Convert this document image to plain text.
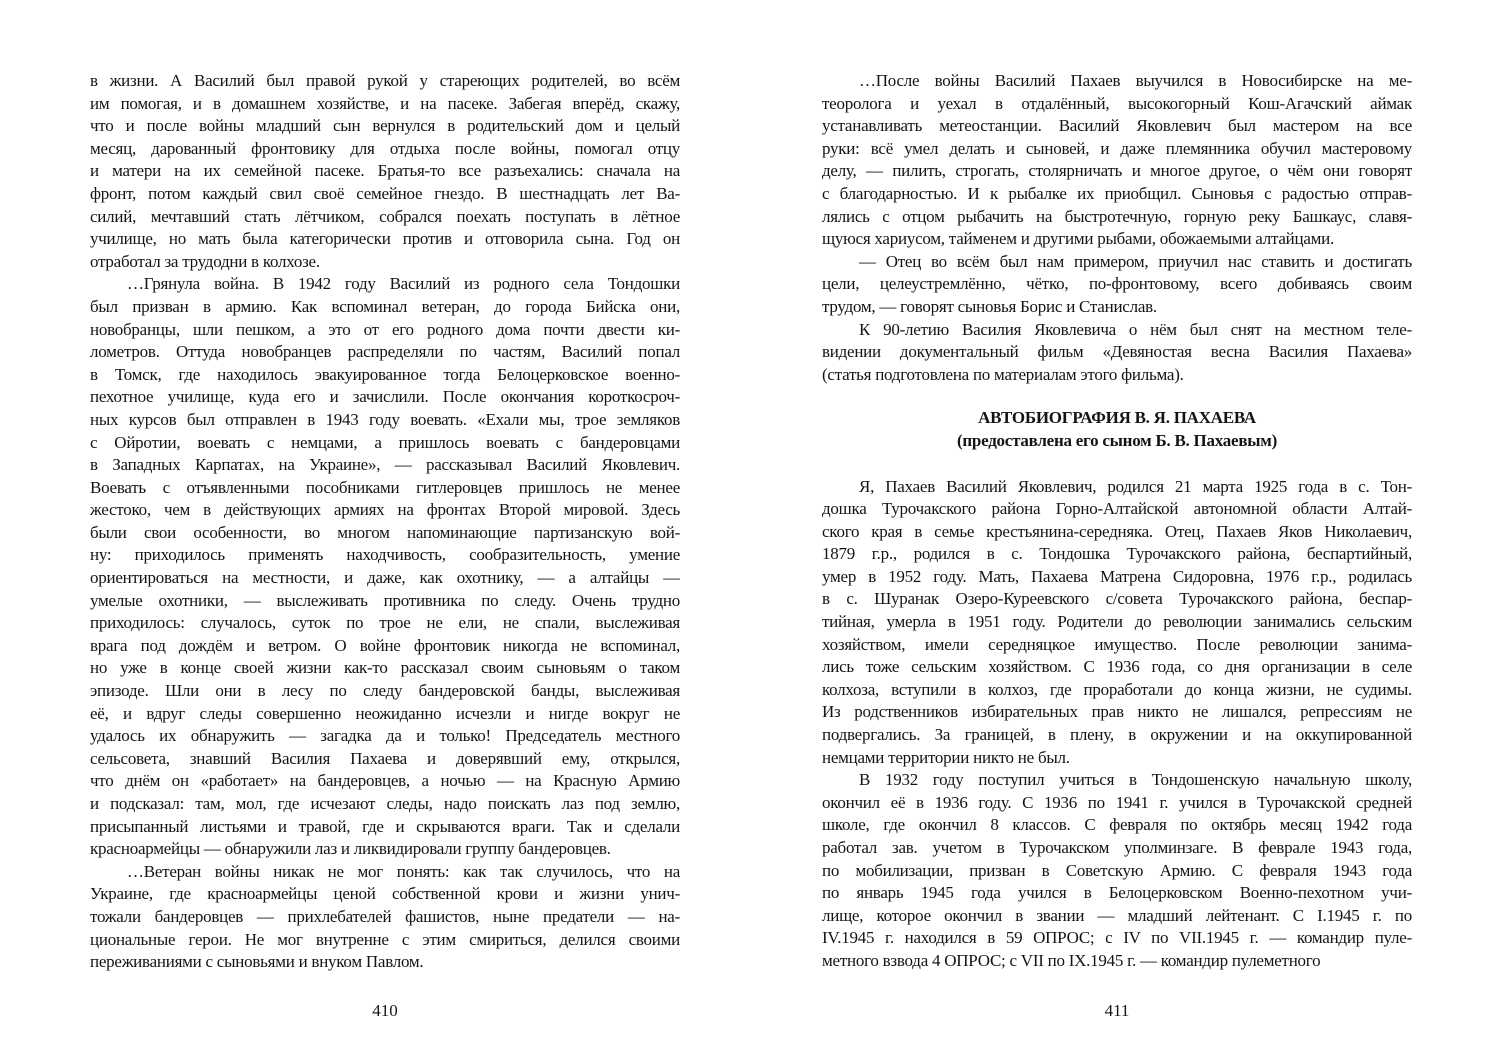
в жизни. А Василий был правой рукой у стареющих родителей, во всём
им помогая, и в домашнем хозяйстве, и на пасеке. Забегая вперёд, скажу,
что и после войны младший сын вернулся в родительский дом и целый
месяц, дарованный фронтовику для отдыха после войны, помогал отцу
и матери на их семейной пасеке. Братья-то все разъехались: сначала на
фронт, потом каждый свил своё семейное гнездо. В шестнадцать лет Ва-
силий, мечтавший стать лётчиком, собрался поехать поступать в лётное
училище, но мать была категорически против и отговорила сына. Год он
отработал за трудодни в колхозе.
…Грянула война. В 1942 году Василий из родного села Тондошки
был призван в армию. Как вспоминал ветеран, до города Бийска они,
новобранцы, шли пешком, а это от его родного дома почти двести ки-
лометров. Оттуда новобранцев распределяли по частям, Василий попал
в Томск, где находилось эвакуированное тогда Белоцерковское военно-
пехотное училище, куда его и зачислили. После окончания короткосроч-
ных курсов был отправлен в 1943 году воевать. «Ехали мы, трое земляков
с Ойротии, воевать с немцами, а пришлось воевать с бандеровцами
в Западных Карпатах, на Украине», — рассказывал Василий Яковлевич.
Воевать с отъявленными пособниками гитлеровцев пришлось не менее
жестоко, чем в действующих армиях на фронтах Второй мировой. Здесь
были свои особенности, во многом напоминающие партизанскую вой-
ну: приходилось применять находчивость, сообразительность, умение
ориентироваться на местности, и даже, как охотнику, — а алтайцы —
умелые охотники, — выслеживать противника по следу. Очень трудно
приходилось: случалось, суток по трое не ели, не спали, выслеживая
врага под дождём и ветром. О войне фронтовик никогда не вспоминал,
но уже в конце своей жизни как-то рассказал своим сыновьям о таком
эпизоде. Шли они в лесу по следу бандеровской банды, выслеживая
её, и вдруг следы совершенно неожиданно исчезли и нигде вокруг не
удалось их обнаружить — загадка да и только! Председатель местного
сельсовета, знавший Василия Пахаева и доверявший ему, открылся,
что днём он «работает» на бандеровцев, а ночью — на Красную Армию
и подсказал: там, мол, где исчезают следы, надо поискать лаз под землю,
присыпанный листьями и травой, где и скрываются враги. Так и сделали
красноармейцы — обнаружили лаз и ликвидировали группу бандеровцев.
…Ветеран войны никак не мог понять: как так случилось, что на
Украине, где красноармейцы ценой собственной крови и жизни унич-
тожали бандеровцев — прихлебателей фашистов, ныне предатели — на-
циональные герои. Не мог внутренне с этим смириться, делился своими
переживаниями с сыновьями и внуком Павлом.
410
…После войны Василий Пахаев выучился в Новосибирске на ме-
теоролога и уехал в отдалённый, высокогорный Кош-Агачский аймак
устанавливать метеостанции. Василий Яковлевич был мастером на все
руки: всё умел делать и сыновей, и даже племянника обучил мастеровому
делу, — пилить, строгать, столярничать и многое другое, о чём они говорят
с благодарностью. И к рыбалке их приобщил. Сыновья с радостью отправ-
лялись с отцом рыбачить на быстротечную, горную реку Башкаус, славя-
щуюся хариусом, тайменем и другими рыбами, обожаемыми алтайцами.
— Отец во всём был нам примером, приучил нас ставить и достигать
цели, целеустремлённо, чётко, по-фронтовому, всего добиваясь своим
трудом, — говорят сыновья Борис и Станислав.
К 90-летию Василия Яковлевича о нём был снят на местном теле-
видении документальный фильм «Девяностая весна Василия Пахаева»
(статья подготовлена по материалам этого фильма).
АВТОБИОГРАФИЯ В. Я. ПАХАЕВА
(предоставлена его сыном Б. В. Пахаевым)
Я, Пахаев Василий Яковлевич, родился 21 марта 1925 года в с. Тон-
дошка Турочакского района Горно-Алтайской автономной области Алтай-
ского края в семье крестьянина-середняка. Отец, Пахаев Яков Николаевич,
1879 г.р., родился в с. Тондошка Турочакского района, беспартийный,
умер в 1952 году. Мать, Пахаева Матрена Сидоровна, 1976 г.р., родилась
в с. Шуранак Озеро-Куреевского с/совета Турочакского района, беспар-
тийная, умерла в 1951 году. Родители до революции занимались сельским
хозяйством, имели середняцкое имущество. После революции занима-
лись тоже сельским хозяйством. С 1936 года, со дня организации в селе
колхоза, вступили в колхоз, где проработали до конца жизни, не судимы.
Из родственников избирательных прав никто не лишался, репрессиям не
подвергались. За границей, в плену, в окружении и на оккупированной
немцами территории никто не был.
В 1932 году поступил учиться в Тондошенскую начальную школу,
окончил её в 1936 году. С 1936 по 1941 г. учился в Турочакской средней
школе, где окончил 8 классов. С февраля по октябрь месяц 1942 года
работал зав. учетом в Турочакском уполминзаге. В феврале 1943 года,
по мобилизации, призван в Советскую Армию. С февраля 1943 года
по январь 1945 года учился в Белоцерковском Военно-пехотном учи-
лище, которое окончил в звании — младший лейтенант. С I.1945 г. по
IV.1945 г. находился в 59 ОПРОС; с IV по VII.1945 г. — командир пуле-
метного взвода 4 ОПРОС; с VII по IX.1945 г. — командир пулеметного
411
